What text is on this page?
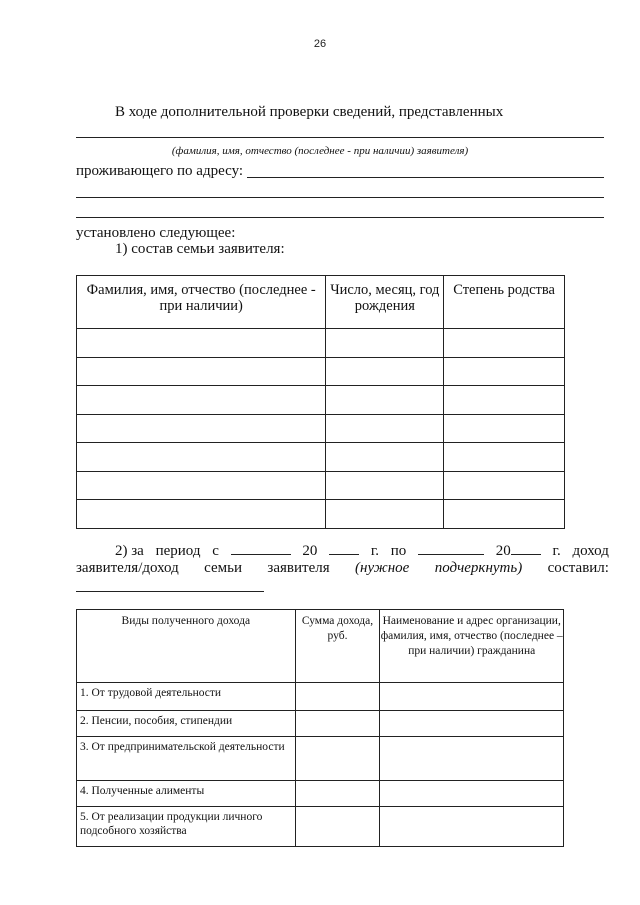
26
В ходе дополнительной проверки сведений, представленных
(фамилия, имя, отчество (последнее - при наличии) заявителя)
проживающего по адресу:
установлено следующее:
1) состав семьи заявителя:
Фамилия, имя, отчество (последнее - при наличии)	Число, месяц, год рождения	Степень родства

2) за период с	20	г. по	20	г. доход
заявителя/доход семьи заявителя (нужное подчеркнуть) составил:
Виды полученного дохода	Сумма дохода, руб.	Наименование и адрес организации, фамилия, имя, отчество (последнее – при наличии) гражданина

1. От трудовой деятельности		

2. Пенсии, пособия, стипендии		

3. От предпринимательской деятельности		

4. Полученные алименты		

5. От реализации продукции личного подсобного хозяйства		
